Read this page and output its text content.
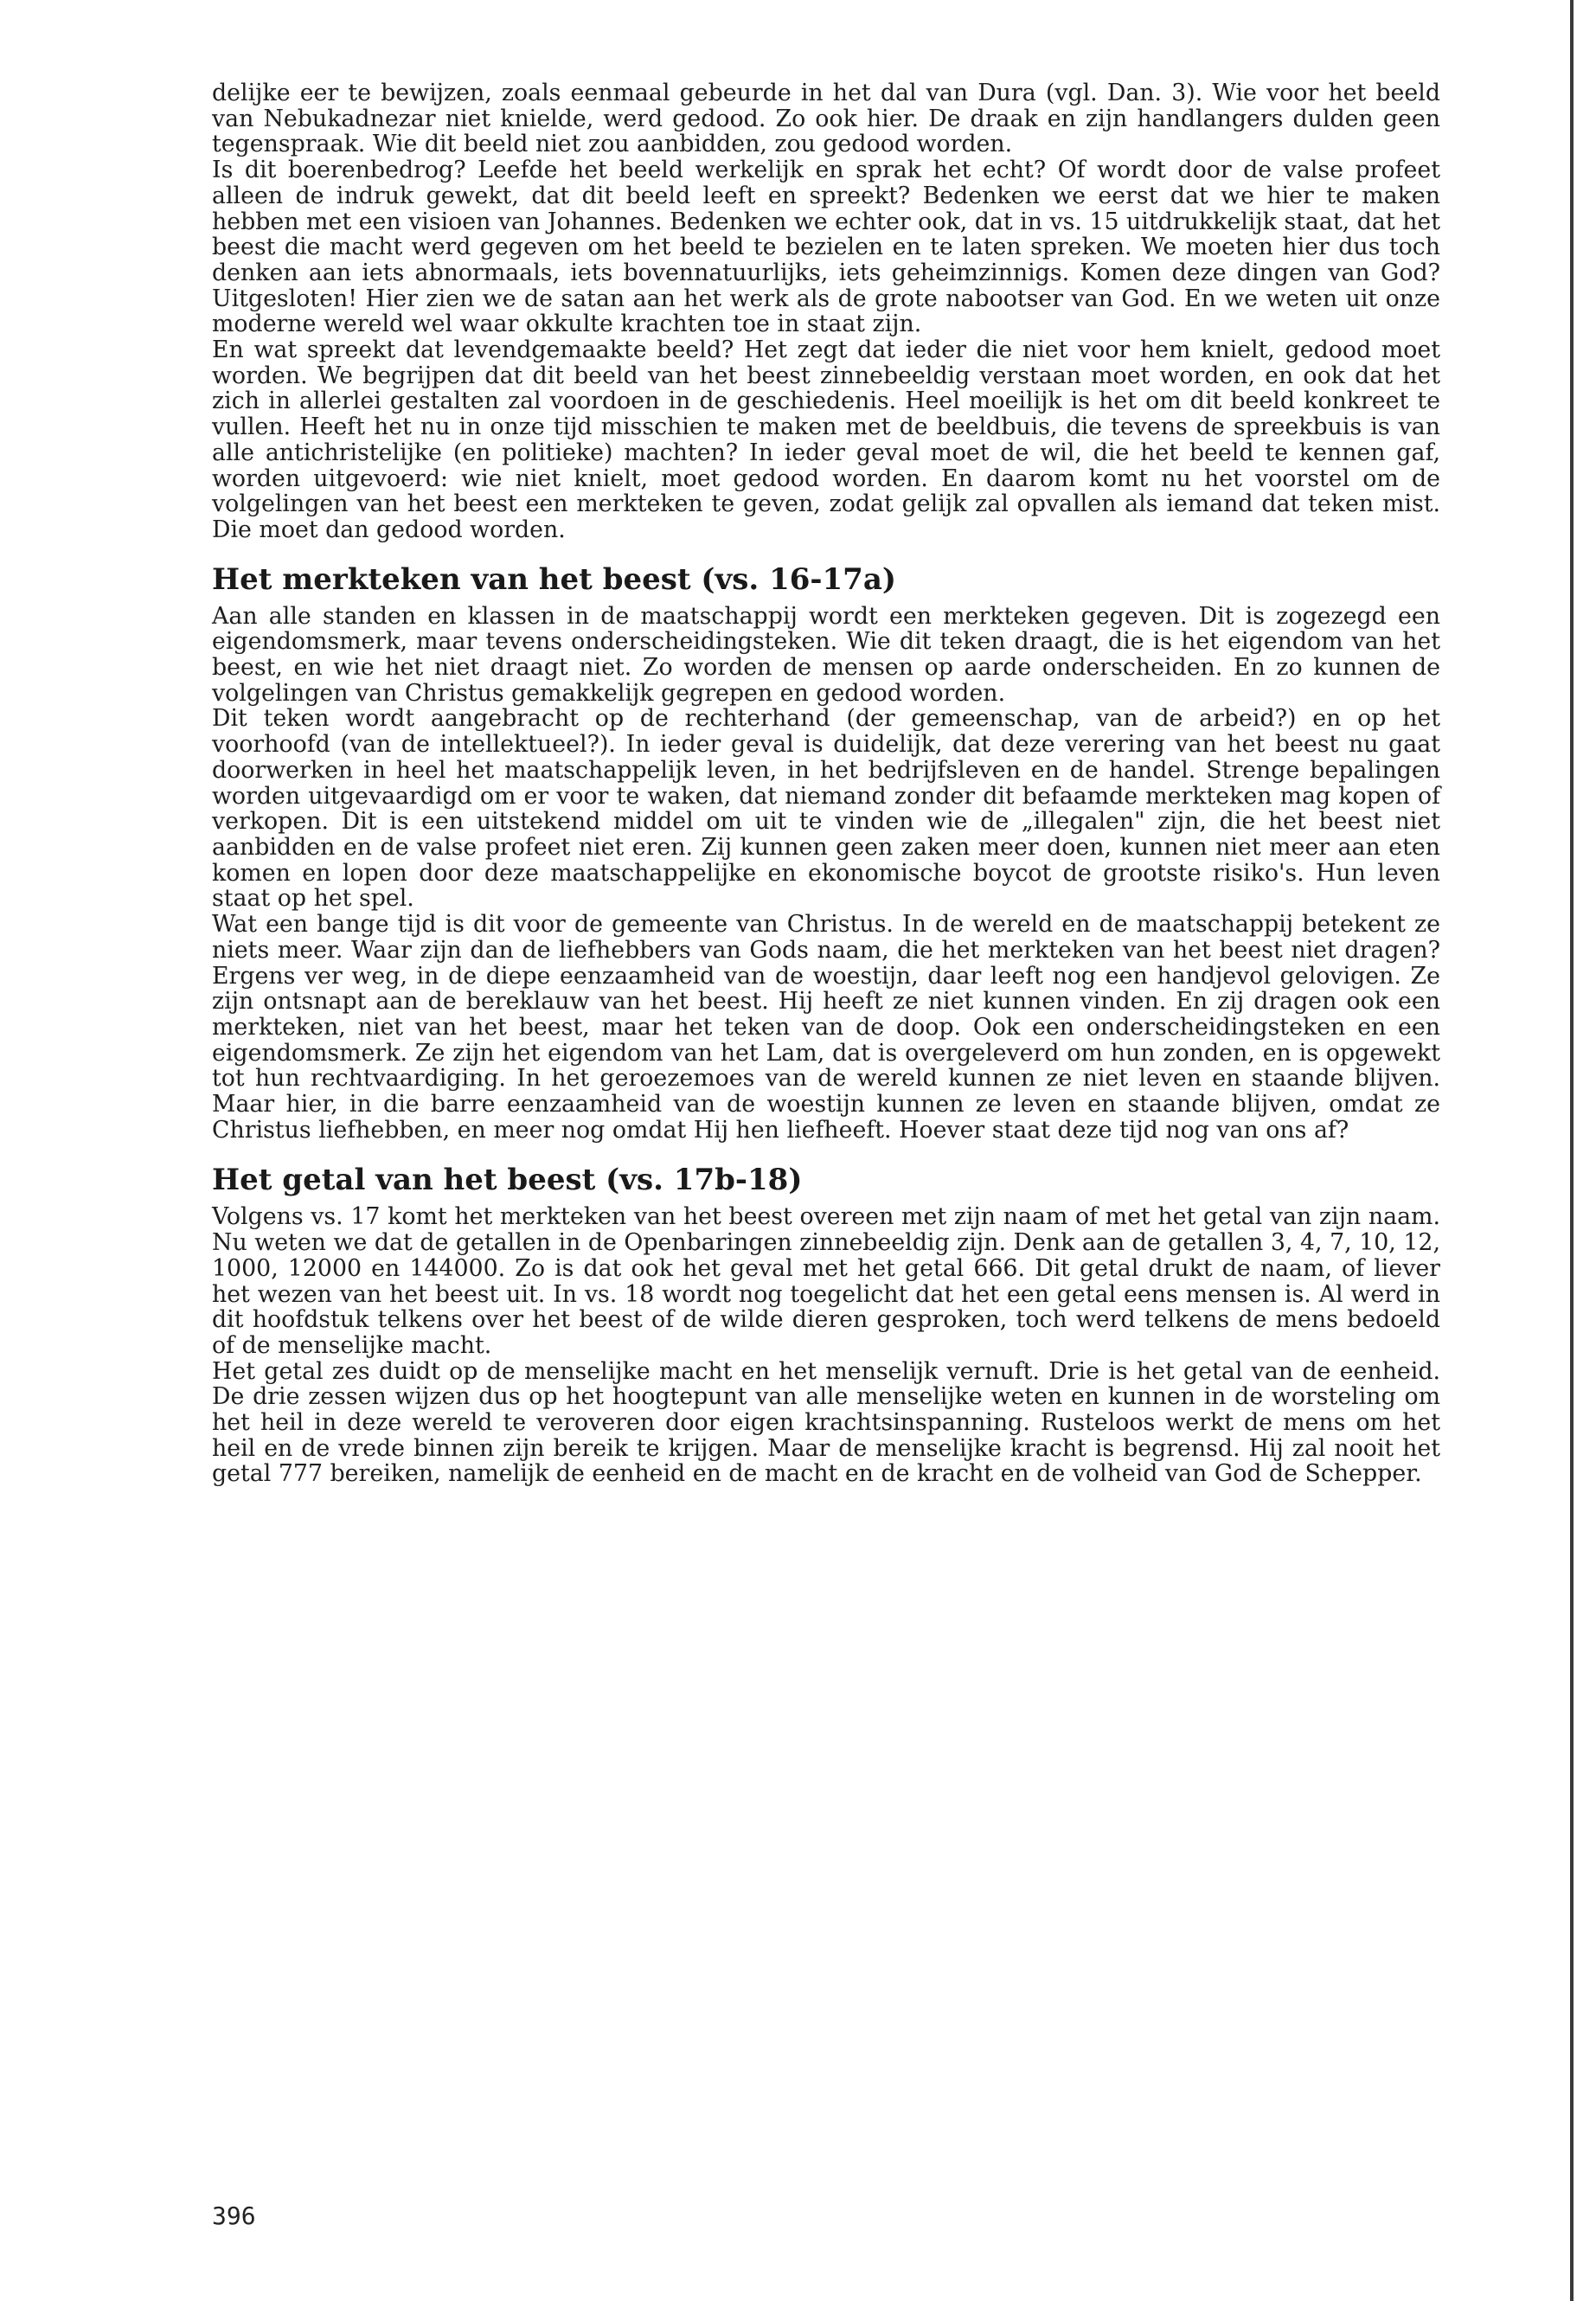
delijke eer te bewijzen, zoals eenmaal gebeurde in het dal van Dura (vgl. Dan. 3). Wie voor het beeld van Nebukadnezar niet knielde, werd gedood. Zo ook hier. De draak en zijn handlangers dulden geen tegenspraak. Wie dit beeld niet zou aanbidden, zou gedood worden.

Is dit boerenbedrog? Leefde het beeld werkelijk en sprak het echt? Of wordt door de valse profeet alleen de indruk gewekt, dat dit beeld leeft en spreekt? Bedenken we eerst dat we hier te maken hebben met een visioen van Johannes. Bedenken we echter ook, dat in vs. 15 uitdrukkelijk staat, dat het beest die macht werd gegeven om het beeld te bezielen en te laten spreken. We moeten hier dus toch denken aan iets abnormaals, iets bovennatuurlijks, iets geheimzinnigs. Komen deze dingen van God? Uitgesloten! Hier zien we de satan aan het werk als de grote nabootser van God. En we weten uit onze moderne wereld wel waar okkulte krachten toe in staat zijn.

En wat spreekt dat levendgemaakte beeld? Het zegt dat ieder die niet voor hem knielt, gedood moet worden. We begrijpen dat dit beeld van het beest zinnebeeldig verstaan moet worden, en ook dat het zich in allerlei gestalten zal voordoen in de geschiedenis. Heel moeilijk is het om dit beeld konkreet te vullen. Heeft het nu in onze tijd misschien te maken met de beeldbuis, die tevens de spreekbuis is van alle antichristelijke (en politieke) machten? In ieder geval moet de wil, die het beeld te kennen gaf, worden uitgevoerd: wie niet knielt, moet gedood worden. En daarom komt nu het voorstel om de volgelingen van het beest een merkteken te geven, zodat gelijk zal opvallen als iemand dat teken mist. Die moet dan gedood worden.

Het merkteken van het beest (vs. 16-17a)

Aan alle standen en klassen in de maatschappij wordt een merkteken gegeven. Dit is zogezegd een eigendomsmerk, maar tevens onderscheidingsteken. Wie dit teken draagt, die is het eigendom van het beest, en wie het niet draagt niet. Zo worden de mensen op aarde onderscheiden. En zo kunnen de volgelingen van Christus gemakkelijk gegrepen en gedood worden.

Dit teken wordt aangebracht op de rechterhand (der gemeenschap, van de arbeid?) en op het voorhoofd (van de intellektueel?). In ieder geval is duidelijk, dat deze verering van het beest nu gaat doorwerken in heel het maatschappelijk leven, in het bedrijfsleven en de handel. Strenge bepalingen worden uitgevaardigd om er voor te waken, dat niemand zonder dit befaamde merkteken mag kopen of verkopen. Dit is een uitstekend middel om uit te vinden wie de „illegalen" zijn, die het beest niet aanbidden en de valse profeet niet eren. Zij kunnen geen zaken meer doen, kunnen niet meer aan eten komen en lopen door deze maatschappelijke en ekonomische boycot de grootste risiko's. Hun leven staat op het spel.

Wat een bange tijd is dit voor de gemeente van Christus. In de wereld en de maatschappij betekent ze niets meer. Waar zijn dan de liefhebbers van Gods naam, die het merkteken van het beest niet dragen? Ergens ver weg, in de diepe eenzaamheid van de woestijn, daar leeft nog een handjevol gelovigen. Ze zijn ontsnapt aan de bereklauw van het beest. Hij heeft ze niet kunnen vinden. En zij dragen ook een merkteken, niet van het beest, maar het teken van de doop. Ook een onderscheidingsteken en een eigendomsmerk. Ze zijn het eigendom van het Lam, dat is overgeleverd om hun zonden, en is opgewekt tot hun rechtvaardiging. In het geroezemoes van de wereld kunnen ze niet leven en staande blijven. Maar hier, in die barre eenzaamheid van de woestijn kunnen ze leven en staande blijven, omdat ze Christus liefhebben, en meer nog omdat Hij hen liefheeft. Hoever staat deze tijd nog van ons af?

Het getal van het beest (vs. 17b-18)

Volgens vs. 17 komt het merkteken van het beest overeen met zijn naam of met het getal van zijn naam. Nu weten we dat de getallen in de Openbaringen zinnebeeldig zijn. Denk aan de getallen 3, 4, 7, 10, 12, 1000, 12000 en 144000. Zo is dat ook het geval met het getal 666. Dit getal drukt de naam, of liever het wezen van het beest uit. In vs. 18 wordt nog toegelicht dat het een getal eens mensen is. Al werd in dit hoofdstuk telkens over het beest of de wilde dieren gesproken, toch werd telkens de mens bedoeld of de menselijke macht.

Het getal zes duidt op de menselijke macht en het menselijk vernuft. Drie is het getal van de eenheid. De drie zessen wijzen dus op het hoogtepunt van alle menselijke weten en kunnen in de worsteling om het heil in deze wereld te veroveren door eigen krachtsinspanning. Rusteloos werkt de mens om het heil en de vrede binnen zijn bereik te krijgen. Maar de menselijke kracht is begrensd. Hij zal nooit het getal 777 bereiken, namelijk de eenheid en de macht en de kracht en de volheid van God de Schepper.

396
